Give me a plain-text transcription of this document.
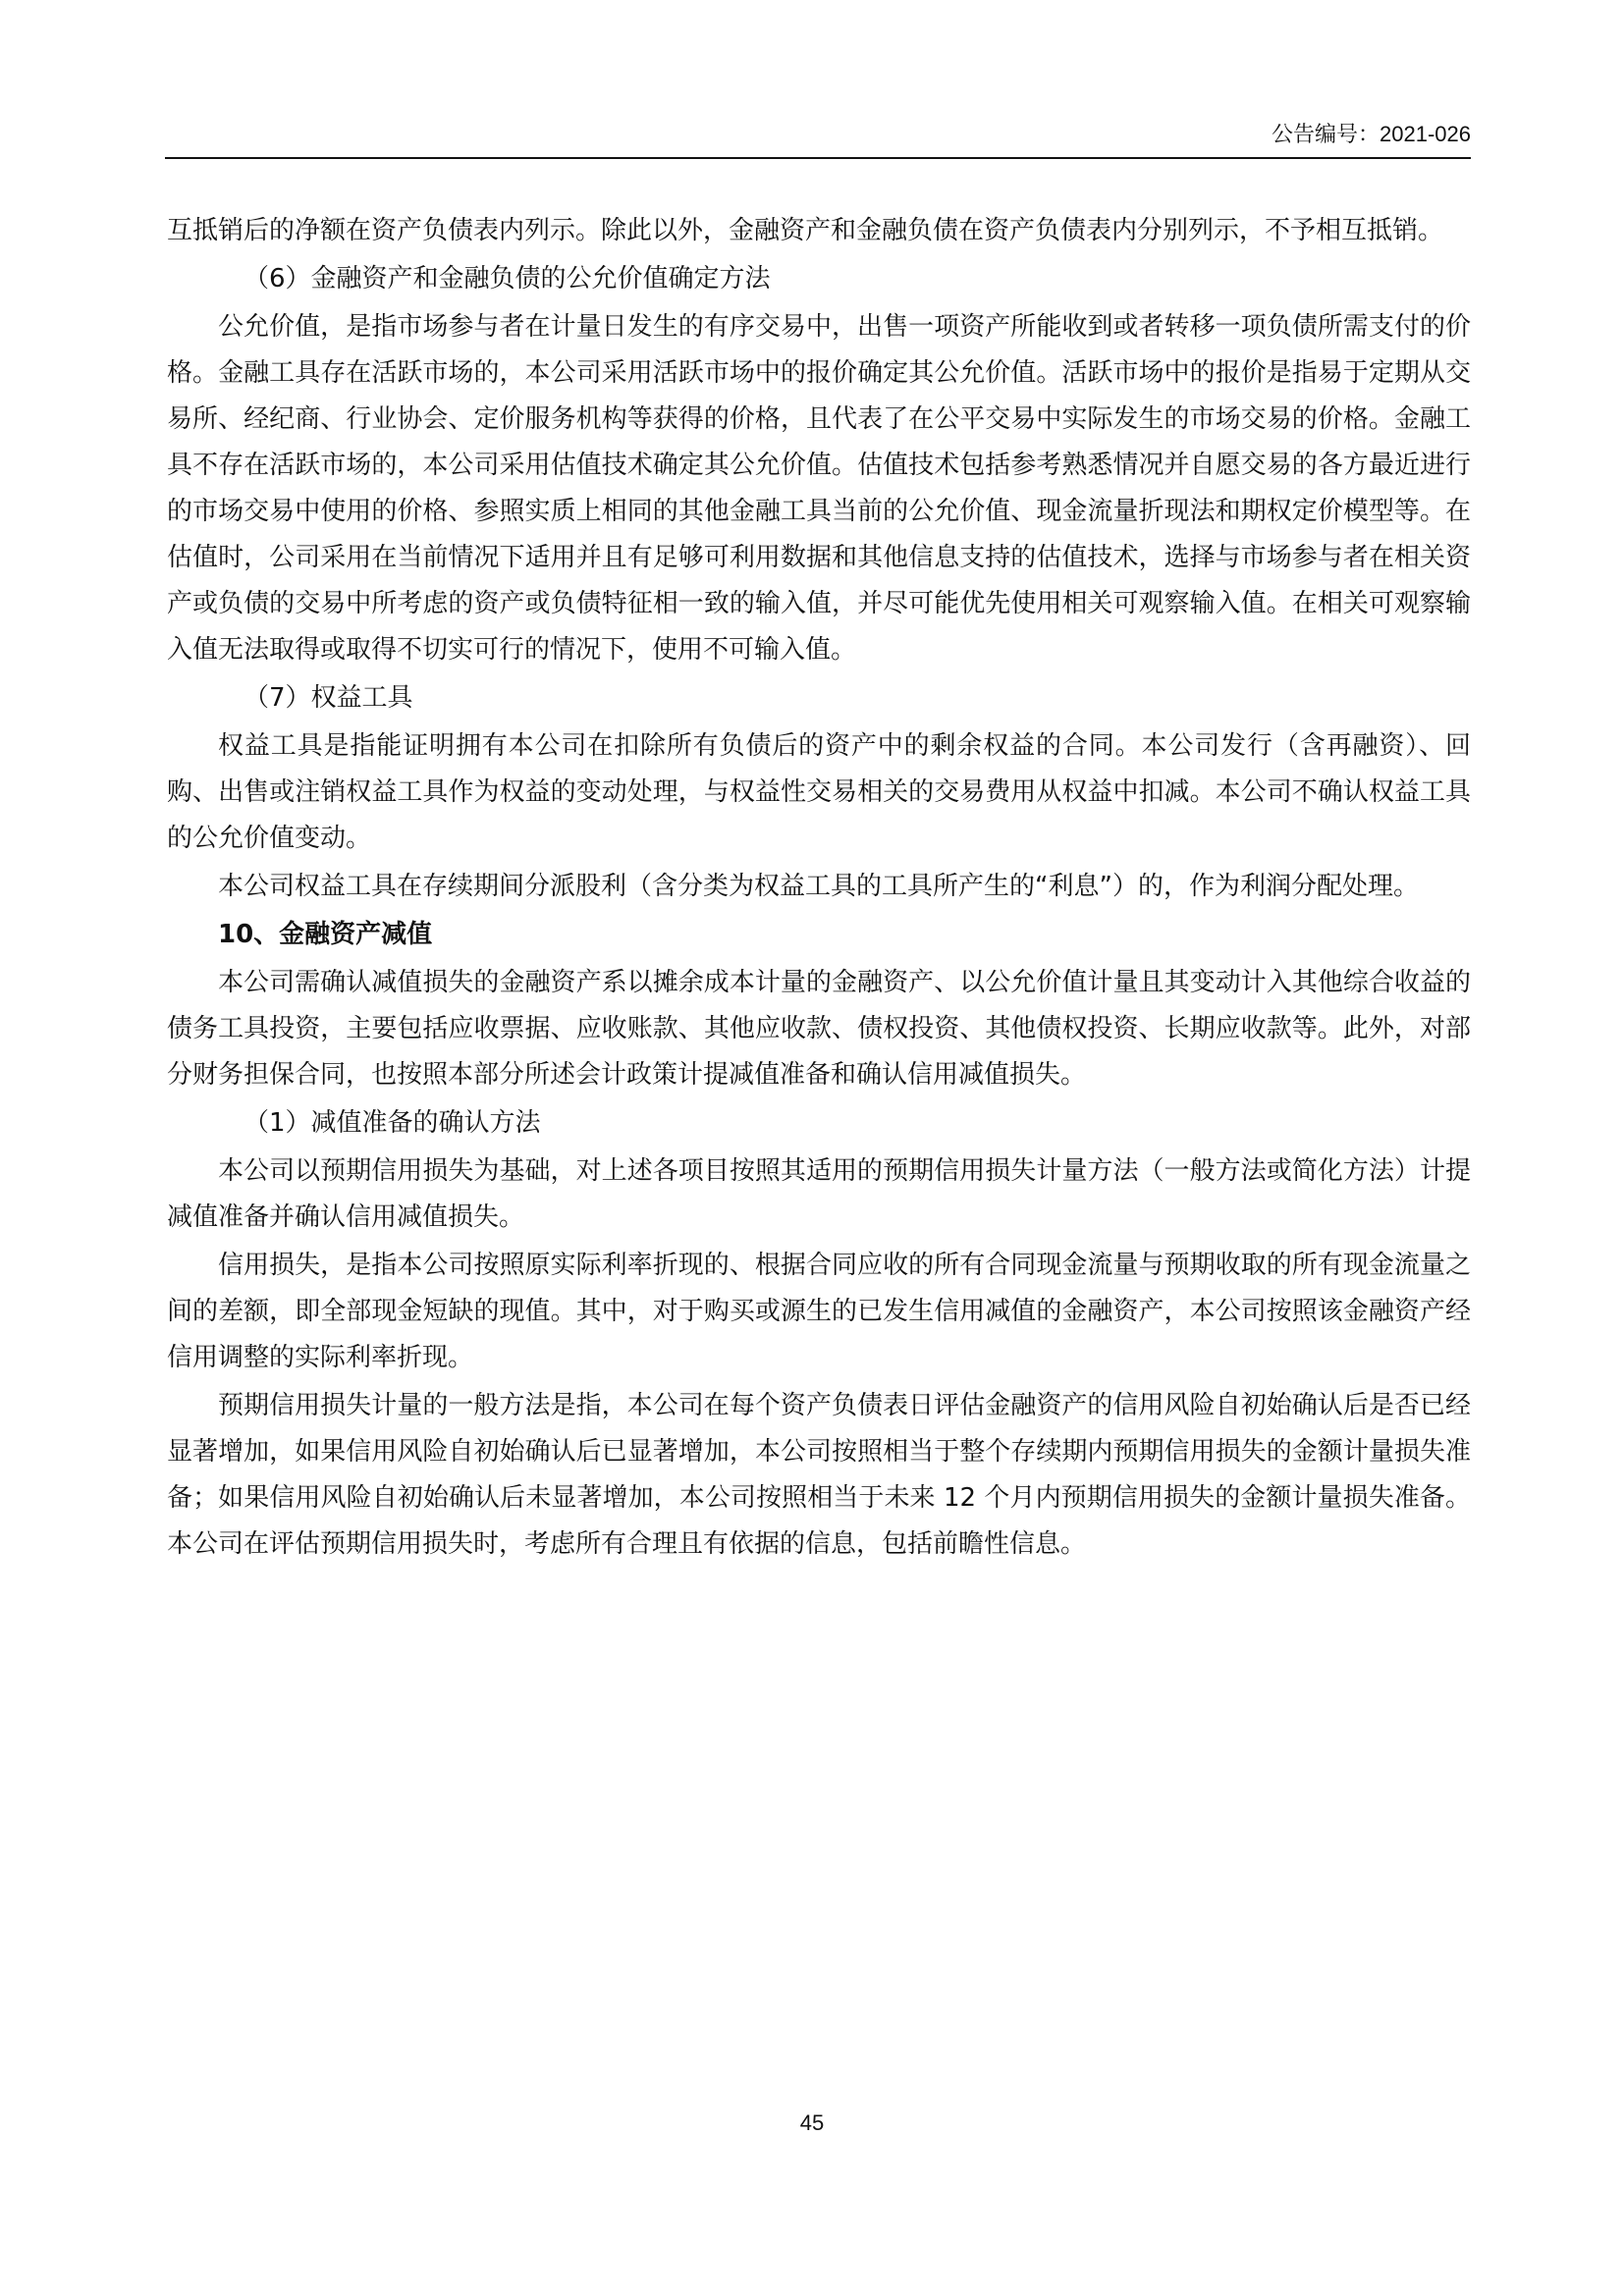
公告编号：2021-026

互抵销后的净额在资产负债表内列示。除此以外，金融资产和金融负债在资产负债表内分别列示，不予相互抵销。

（6）金融资产和金融负债的公允价值确定方法

公允价值，是指市场参与者在计量日发生的有序交易中，出售一项资产所能收到或者转移一项负债所需支付的价格。金融工具存在活跃市场的，本公司采用活跃市场中的报价确定其公允价值。活跃市场中的报价是指易于定期从交易所、经纪商、行业协会、定价服务机构等获得的价格，且代表了在公平交易中实际发生的市场交易的价格。金融工具不存在活跃市场的，本公司采用估值技术确定其公允价值。估值技术包括参考熟悉情况并自愿交易的各方最近进行的市场交易中使用的价格、参照实质上相同的其他金融工具当前的公允价值、现金流量折现法和期权定价模型等。在估值时，公司采用在当前情况下适用并且有足够可利用数据和其他信息支持的估值技术，选择与市场参与者在相关资产或负债的交易中所考虑的资产或负债特征相一致的输入值，并尽可能优先使用相关可观察输入值。在相关可观察输入值无法取得或取得不切实可行的情况下，使用不可输入值。

（7）权益工具

权益工具是指能证明拥有本公司在扣除所有负债后的资产中的剩余权益的合同。本公司发行（含再融资）、回购、出售或注销权益工具作为权益的变动处理，与权益性交易相关的交易费用从权益中扣减。本公司不确认权益工具的公允价值变动。

本公司权益工具在存续期间分派股利（含分类为权益工具的工具所产生的“利息”）的，作为利润分配处理。

10、金融资产减值

本公司需确认减值损失的金融资产系以摊余成本计量的金融资产、以公允价值计量且其变动计入其他综合收益的债务工具投资，主要包括应收票据、应收账款、其他应收款、债权投资、其他债权投资、长期应收款等。此外，对部分财务担保合同，也按照本部分所述会计政策计提减值准备和确认信用减值损失。

（1）减值准备的确认方法

本公司以预期信用损失为基础，对上述各项目按照其适用的预期信用损失计量方法（一般方法或简化方法）计提减值准备并确认信用减值损失。

信用损失，是指本公司按照原实际利率折现的、根据合同应收的所有合同现金流量与预期收取的所有现金流量之间的差额，即全部现金短缺的现值。其中，对于购买或源生的已发生信用减值的金融资产，本公司按照该金融资产经信用调整的实际利率折现。

预期信用损失计量的一般方法是指，本公司在每个资产负债表日评估金融资产的信用风险自初始确认后是否已经显著增加，如果信用风险自初始确认后已显著增加，本公司按照相当于整个存续期内预期信用损失的金额计量损失准备；如果信用风险自初始确认后未显著增加，本公司按照相当于未来 12 个月内预期信用损失的金额计量损失准备。本公司在评估预期信用损失时，考虑所有合理且有依据的信息，包括前瞻性信息。

45
